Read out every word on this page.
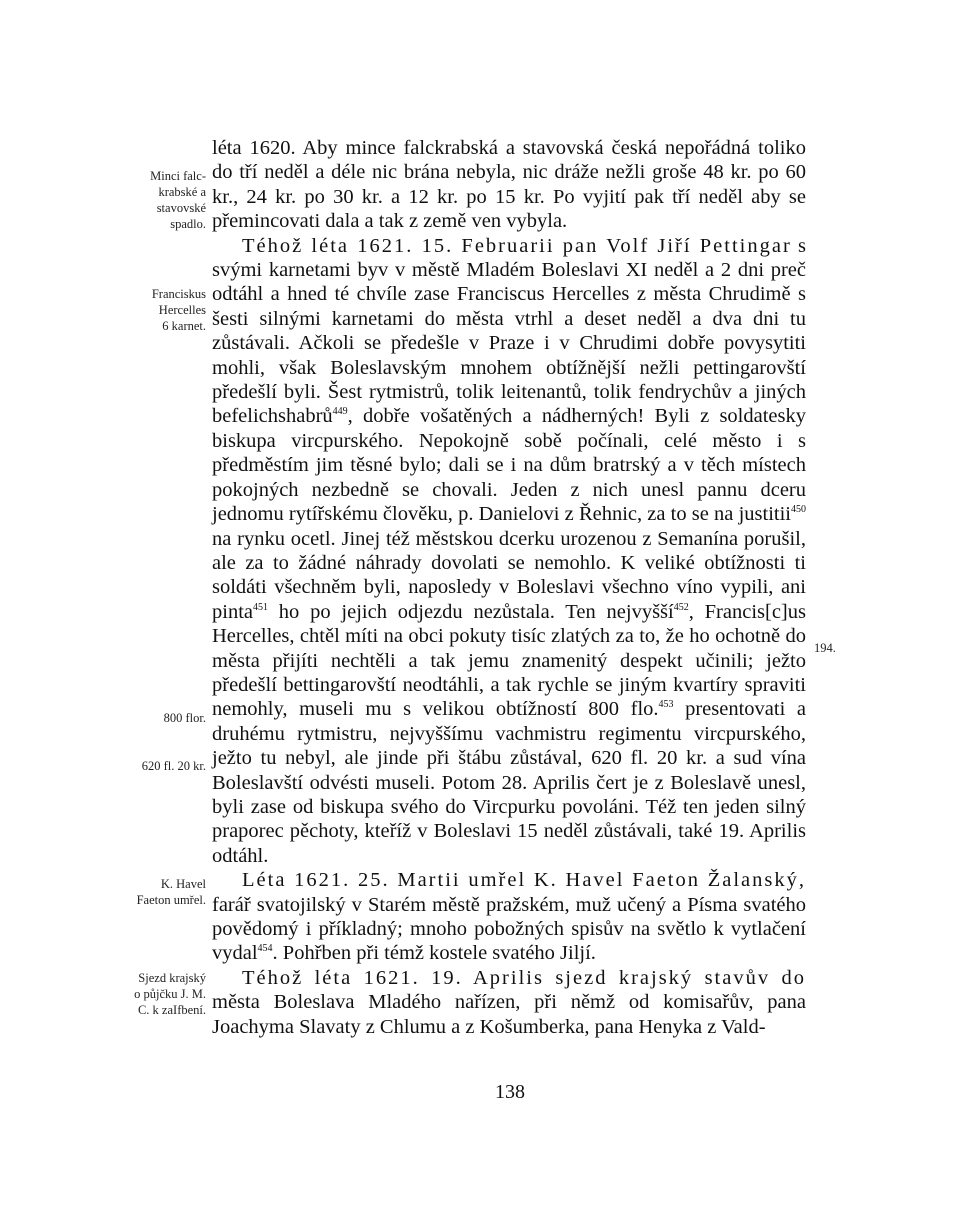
léta 1620. Aby mince falckrabská a stavovská česká nepořádná toliko do tří neděl a déle nic brána nebyla, nic dráže nežli groše 48 kr. po 60 kr., 24 kr. po 30 kr. a 12 kr. po 15 kr. Po vyjití pak tří neděl aby se přemincovati dala a tak z země ven vybyla.

Téhož léta 1621. 15. Februarii pan Volf Jiří Pettingar s svými karnetami byv v městě Mladém Boleslavi XI neděl a 2 dni preč odtáhl a hned té chvíle zase Franciscus Hercelles z města Chrudimě s šesti silnými karnetami do města vtrhl a deset neděl a dva dni tu zůstávali. Ačkoli se předešle v Praze i v Chrudimi dobře povysytiti mohli, však Boleslavským mnohem obtížnější nežli pettingarovští předešlí byli. Šest rytmistrů, tolik leitenantů, tolik fendrychův a jiných befelichshabrů$^{449}$, dobře vošatěných a nádherných! Byli z soldatesky biskupa vircpurského. Nepokojně sobě počínali, celé město i s předměstím jim těsné bylo; dali se i na dům bratrský a v těch místech pokojných nezbedně se chovali. Jeden z nich unesl pannu dceru jednomu rytířskému člověku, p. Danielovi z Řehnic, za to se na justitii$^{450}$ na rynku ocetl. Jinej též městskou dcerku urozenou z Semanína porušil, ale za to žádné náhrady dovolati se nemohlo. K veliké obtížnosti ti soldáti všechněm byli, naposledy v Boleslavi všechno víno vypili, ani pinta$^{451}$ ho po jejich odjezdu nezůstala. Ten nejvyšší$^{452}$, Francis[c]us Hercelles, chtěl míti na obci pokuty tisíc zlatých za to, že ho ochotně do města přijíti nechtěli a tak jemu znamenitý despekt učinili; ježto předešlí bettingarovští neodtáhli, a tak rychle se jiným kvartíry spraviti nemohly, museli mu s velikou obtížností 800 flo.$^{453}$ presentovati a druhému rytmistru, nejvyššímu vachmistru regimentu vircpurského, ježto tu nebyl, ale jinde při štábu zůstával, 620 fl. 20 kr. a sud vína Boleslavští odvésti museli. Potom 28. Aprilis čert je z Boleslavě unesl, byli zase od biskupa svého do Vircpurku povoláni. Též ten jeden silný praporec pěchoty, kteříž v Boleslavi 15 neděl zůstávali, také 19. Aprilis odtáhl.

Léta 1621. 25. Martii umřel K. Havel Faeton Žalanský, farář svatojilský v Starém městě pražském, muž učený a Písma svatého povědomý i příkladný; mnoho pobožných spisův na světlo k vytlačení vydal$^{454}$. Pohřben při témž kostele svatého Jiljí.

Téhož léta 1621. 19. Aprilis sjezd krajský stavův do města Boleslava Mladého nařízen, při němž od komisařův, pana Joachyma Slavaty z Chlumu a z Košumberka, pana Henyka z Vald-

Minci falc-
krabské a
stavovské
spadlo.
Franciskus
Hercelles
6 karnet.
800 flor.
620 fl. 20 kr.
K. Havel
Faeton umřel.
Sjezd krajský
o půjčku J. M.
C. k zaIfbení.
194.
138
